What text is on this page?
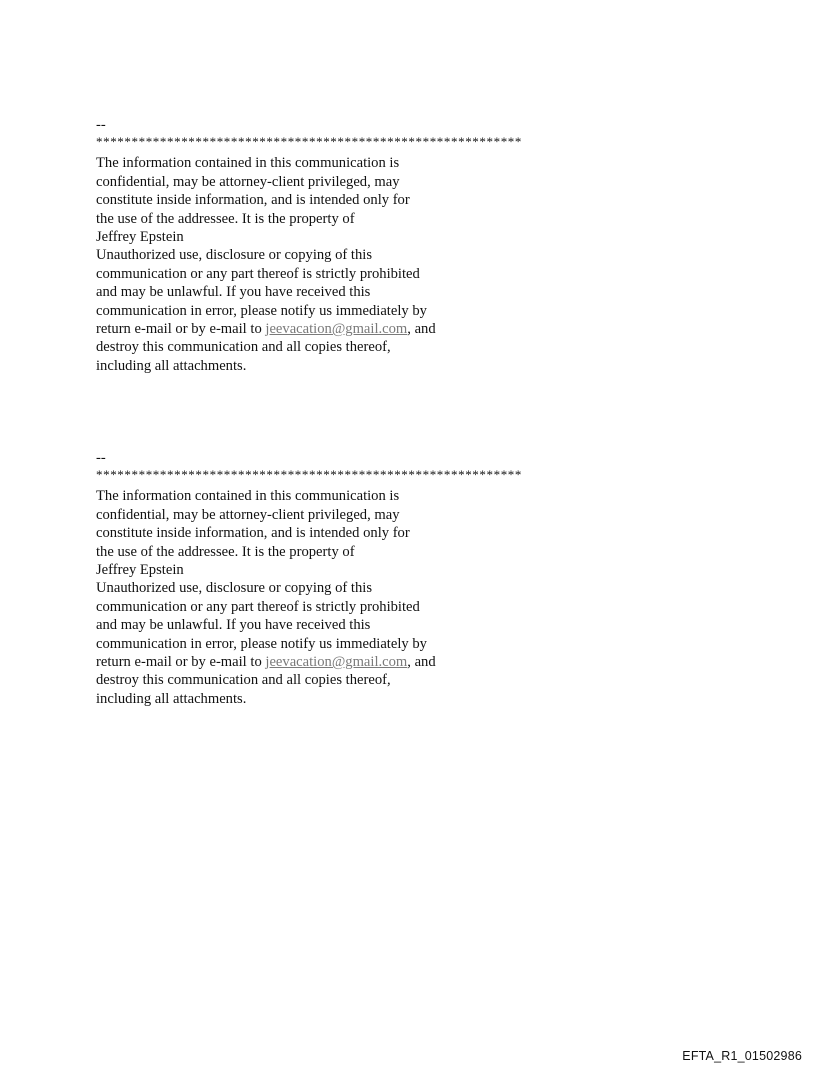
--
************************************************************
The information contained in this communication is
confidential, may be attorney-client privileged, may
constitute inside information, and is intended only for
the use of the addressee. It is the property of
Jeffrey Epstein
Unauthorized use, disclosure or copying of this
communication or any part thereof is strictly prohibited
and may be unlawful. If you have received this
communication in error, please notify us immediately by
return e-mail or by e-mail to jeevacation@gmail.com, and
destroy this communication and all copies thereof,
including all attachments.
--
************************************************************
The information contained in this communication is
confidential, may be attorney-client privileged, may
constitute inside information, and is intended only for
the use of the addressee. It is the property of
Jeffrey Epstein
Unauthorized use, disclosure or copying of this
communication or any part thereof is strictly prohibited
and may be unlawful. If you have received this
communication in error, please notify us immediately by
return e-mail or by e-mail to jeevacation@gmail.com, and
destroy this communication and all copies thereof,
including all attachments.
EFTA_R1_01502986
